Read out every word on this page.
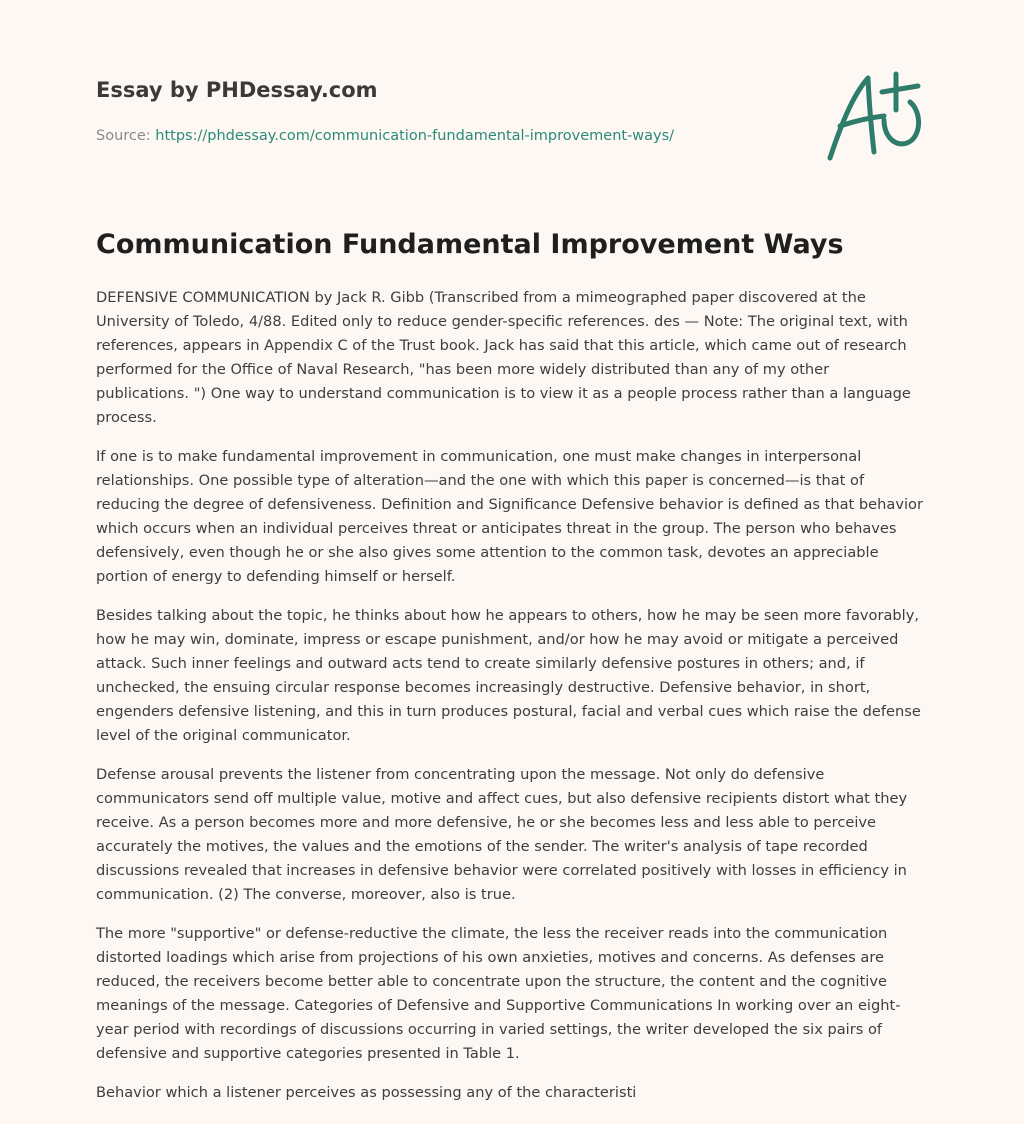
Essay by PHDessay.com
Source: https://phdessay.com/communication-fundamental-improvement-ways/
Communication Fundamental Improvement Ways

DEFENSIVE COMMUNICATION by Jack R. Gibb (Transcribed from a mimeographed paper discovered at the University of Toledo, 4/88. Edited only to reduce gender-specific references. des — Note: The original text, with references, appears in Appendix C of the Trust book. Jack has said that this article, which came out of research performed for the Office of Naval Research, "has been more widely distributed than any of my other publications. ") One way to understand communication is to view it as a people process rather than a language process.

If one is to make fundamental improvement in communication, one must make changes in interpersonal relationships. One possible type of alteration—and the one with which this paper is concerned—is that of reducing the degree of defensiveness. Definition and Significance Defensive behavior is defined as that behavior which occurs when an individual perceives threat or anticipates threat in the group. The person who behaves defensively, even though he or she also gives some attention to the common task, devotes an appreciable portion of energy to defending himself or herself.

Besides talking about the topic, he thinks about how he appears to others, how he may be seen more favorably, how he may win, dominate, impress or escape punishment, and/or how he may avoid or mitigate a perceived attack. Such inner feelings and outward acts tend to create similarly defensive postures in others; and, if unchecked, the ensuing circular response becomes increasingly destructive. Defensive behavior, in short, engenders defensive listening, and this in turn produces postural, facial and verbal cues which raise the defense level of the original communicator.

Defense arousal prevents the listener from concentrating upon the message. Not only do defensive communicators send off multiple value, motive and affect cues, but also defensive recipients distort what they receive. As a person becomes more and more defensive, he or she becomes less and less able to perceive accurately the motives, the values and the emotions of the sender. The writer's analysis of tape recorded discussions revealed that increases in defensive behavior were correlated positively with losses in efficiency in communication. (2) The converse, moreover, also is true.

The more "supportive" or defense-reductive the climate, the less the receiver reads into the communication distorted loadings which arise from projections of his own anxieties, motives and concerns. As defenses are reduced, the receivers become better able to concentrate upon the structure, the content and the cognitive meanings of the message. Categories of Defensive and Supportive Communications In working over an eight-year period with recordings of discussions occurring in varied settings, the writer developed the six pairs of defensive and supportive categories presented in Table 1.

Behavior which a listener perceives as possessing any of the characteristi
